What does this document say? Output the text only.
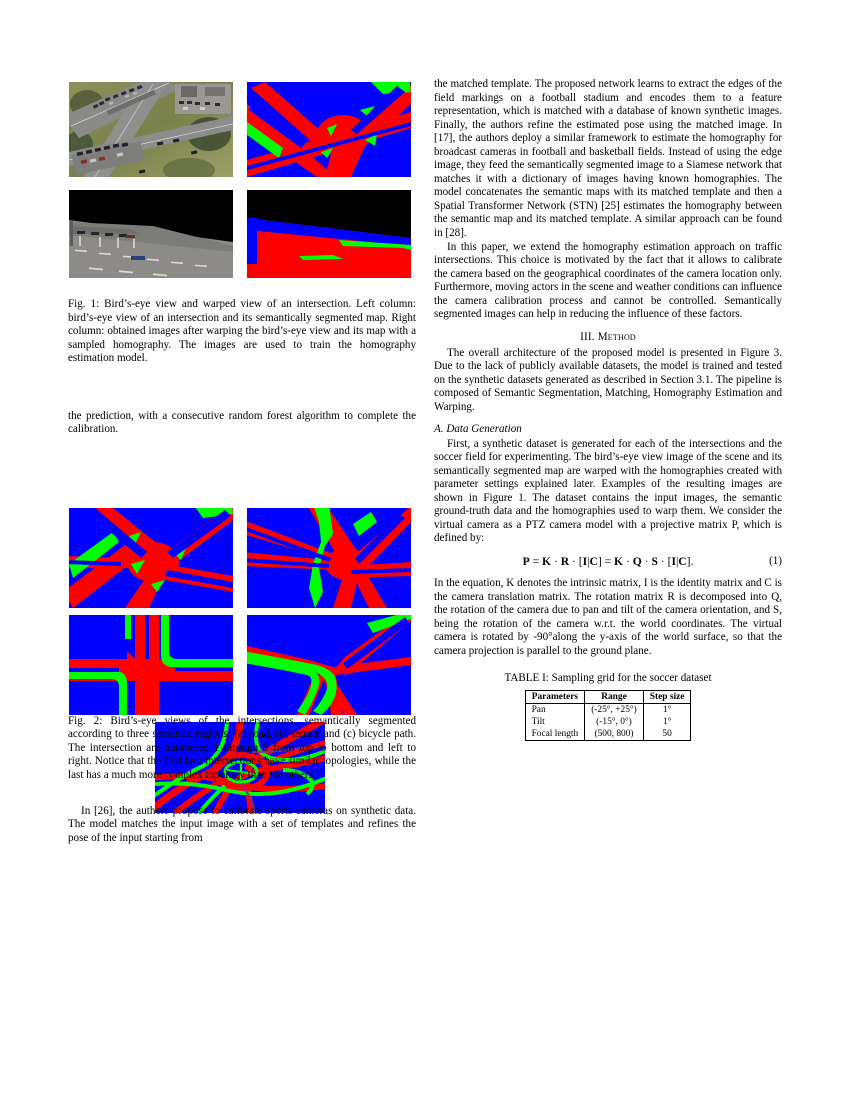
Fig. 1: Bird’s-eye view and warped view of an intersection. Left column: bird’s-eye view of an intersection and its semantically segmented map. Right column: obtained images after warping the bird’s-eye view and its map with a sampled homography. The images are used to train the homography estimation model.

the prediction, with a consecutive random forest algorithm to complete the calibration.

Fig. 2: Bird’s-eye views of the intersections, semantically segmented according to three semantic regions: (a) road, (b) terrain and (c) bicycle path. The intersection are numbered 1 through 5 from top to bottom and left to right. Notice that the first two intersections have similar topologies, while the last has a much more complex topology than the others.

In [26], the authors propose to calibrate sports cameras on synthetic data. The model matches the input image with a set of templates and refines the pose of the input starting from

the matched template. The proposed network learns to extract the edges of the field markings on a football stadium and encodes them to a feature representation, which is matched with a database of known synthetic images. Finally, the authors refine the estimated pose using the matched image. In [17], the authors deploy a similar framework to estimate the homography for broadcast cameras in football and basketball fields. Instead of using the edge image, they feed the semantically segmented image to a Siamese network that matches it with a dictionary of images having known homographies. The model concatenates the semantic maps with its matched template and then a Spatial Transformer Network (STN) [25] estimates the homography between the semantic map and its matched template. A similar approach can be found in [28].

In this paper, we extend the homography estimation approach on traffic intersections. This choice is motivated by the fact that it allows to calibrate the camera based on the geographical coordinates of the camera location only. Furthermore, moving actors in the scene and weather conditions can influence the camera calibration process and cannot be controlled. Semantically segmented images can help in reducing the influence of these factors.

III. Method

The overall architecture of the proposed model is presented in Figure 3. Due to the lack of publicly available datasets, the model is trained and tested on the synthetic datasets generated as described in Section 3.1. The pipeline is composed of Semantic Segmentation, Matching, Homography Estimation and Warping.

A. Data Generation

First, a synthetic dataset is generated for each of the intersections and the soccer field for experimenting. The bird’s-eye view image of the scene and its semantically segmented map are warped with the homographies created with parameter settings explained later. Examples of the resulting images are shown in Figure 1. The dataset contains the input images, the semantic ground-truth data and the homographies used to warp them. We consider the virtual camera as a PTZ camera model with a projective matrix P, which is defined by:

P = K · R · [I|C] = K · Q · S · [I|C].	(1)

In the equation, K denotes the intrinsic matrix, I is the identity matrix and C is the camera translation matrix. The rotation matrix R is decomposed into Q, the rotation of the camera due to pan and tilt of the camera orientation, and S, being the rotation of the camera w.r.t. the world coordinates. The virtual camera is rotated by -90°along the y-axis of the world surface, so that the camera projection is parallel to the ground plane.

TABLE I: Sampling grid for the soccer dataset
Parameters	Range	Step size
Pan	(-25°, +25°)	1°
Tilt	(-15°, 0°)	1°
Focal length	(500, 800)	50
